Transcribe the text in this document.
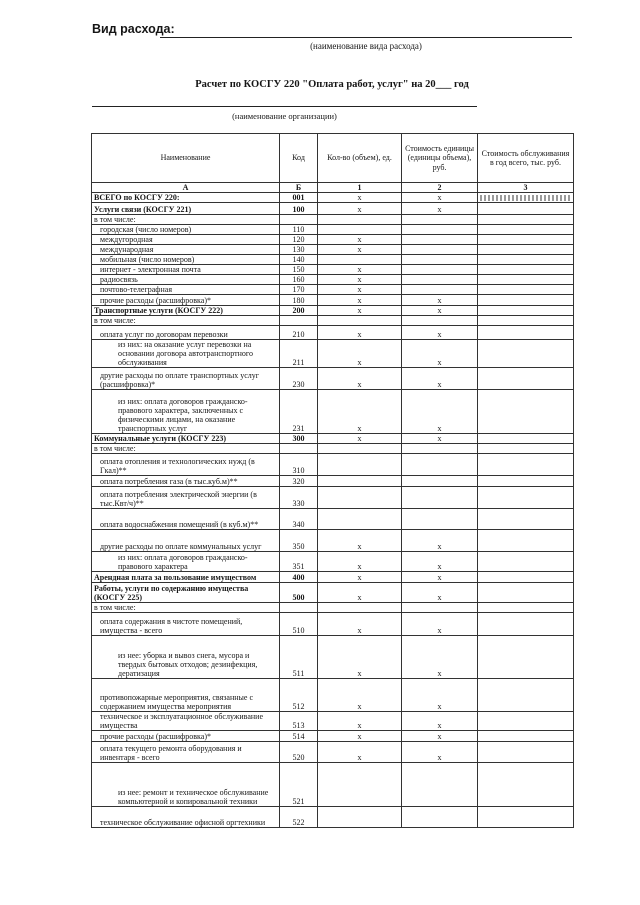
Вид расхода:
(наименование вида расхода)
Расчет по КОСГУ 220 "Оплата работ, услуг" на 20___ год
(наименование организации)
Наименование	Код	Кол-во (объем), ед.	Стоимость единицы (единицы объема), руб.	Стоимость обслуживания в год всего, тыс. руб.
А	Б	1	2	3
ВСЕГО по КОСГУ 220:	001	x	x	

Услуги связи (КОСГУ 221)	100	x	x	
в том числе:				
городская (число номеров)	110			
междугородная	120	x		
международная	130	x		
мобильная (число номеров)	140			
интернет - электронная почта	150	x		
радиосвязь	160	x		
почтово-телеграфная	170	x		
прочие расходы (расшифровка)*	180	x	x	
Транспортные услуги (КОСГУ 222)	200	x	x	
в том числе:				
оплата услуг по договорам перевозки	210	x	x	
из них: на оказание услуг перевозки на основании договора автотранспортного обслуживания	211	x	x	
другие расходы по оплате транспортных услуг (расшифровка)*	230	x	x	
из них: оплата договоров гражданско-правового характера, заключенных с физическими лицами, на оказание транспортных услуг	231	x	x	
Коммунальные услуги (КОСГУ 223)	300	x	x	
в том числе:				
оплата отопления и технологических нужд (в Гкал)**	310			
оплата потребления газа (в тыс.куб.м)**	320			
оплата потребления электрической энергии (в тыс.Квт/ч)**	330			
оплата водоснабжения помещений (в куб.м)**	340			
другие расходы по оплате коммунальных услуг	350	x	x	
из них: оплата договоров гражданско-правового характера	351	x	x	
Арендная плата за пользование имуществом	400	x	x	
Работы, услуги по содержанию имущества (КОСГУ 225)	500	x	x	
в том числе:				
оплата содержания в чистоте помещений, имущества - всего	510	x	x	
из нее: уборка и вывоз снега, мусора и твердых бытовых отходов; дезинфекция, дератизация	511	x	x	
противопожарные мероприятия, связанные с содержанием имущества мероприятия	512	x	x	
техническое и эксплуатационное обслуживание имущества	513	x	x	
прочие расходы (расшифровка)*	514	x	x	
оплата текущего ремонта оборудования и инвентаря - всего	520	x	x	
из нее: ремонт и техническое обслуживание компьютерной и копировальной техники	521			
техническое обслуживание офисной оргтехники	522			
